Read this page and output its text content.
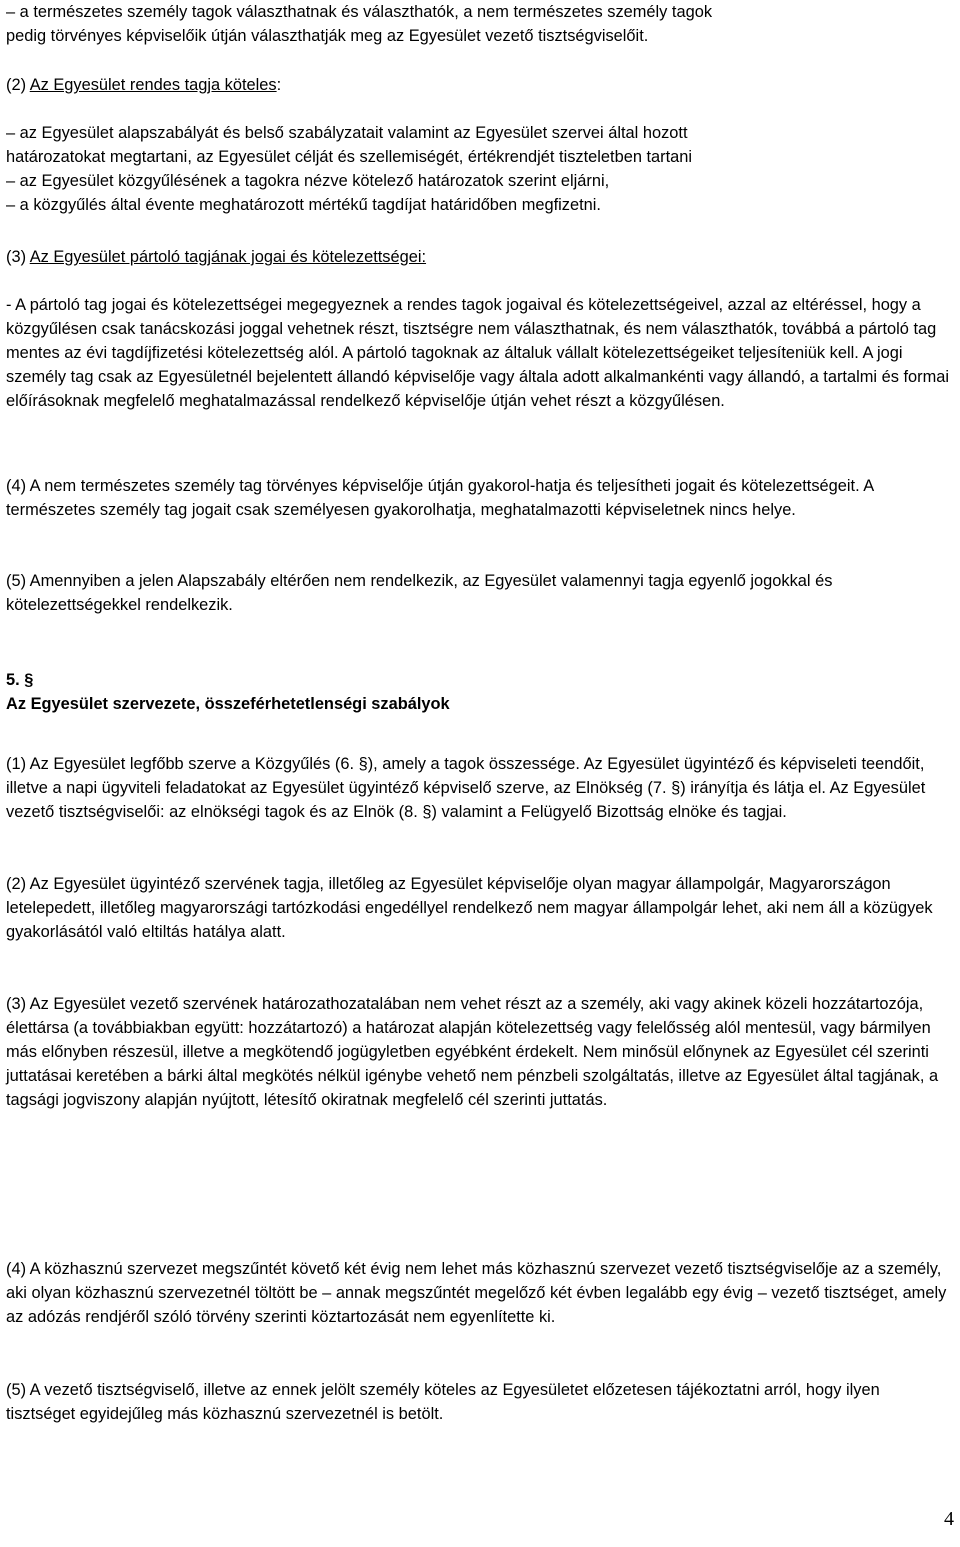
– a természetes személy tagok választhatnak és választhatók, a nem természetes személy tagok

pedig törvényes képviselőik útján választhatják meg az Egyesület vezető tisztségviselőit.

(2) Az Egyesület rendes tagja köteles:

– az Egyesület alapszabályát és belső szabályzatait valamint az Egyesület szervei által hozott

határozatokat megtartani, az Egyesület célját és szellemiségét, értékrendjét tiszteletben tartani

– az Egyesület közgyűlésének a tagokra nézve kötelező határozatok szerint eljárni,

– a közgyűlés által évente meghatározott mértékű tagdíjat határidőben megfizetni.

(3) Az Egyesület pártoló tagjának jogai és kötelezettségei:

- A pártoló tag jogai és kötelezettségei megegyeznek a rendes tagok jogaival és kötelezettségeivel, azzal az eltéréssel, hogy a közgyűlésen csak tanácskozási joggal vehetnek részt, tisztségre nem választhatnak, és nem választhatók, továbbá a pártoló tag mentes az évi tagdíjfizetési kötelezettség alól. A pártoló tagoknak az általuk vállalt kötelezettségeiket teljesíteniük kell. A jogi személy tag csak az Egyesületnél bejelentett állandó képviselője vagy általa adott alkalmankénti vagy állandó, a tartalmi és formai előírásoknak megfelelő meghatalmazással rendelkező képviselője útján vehet részt a közgyűlésen.

(4) A nem természetes személy tag törvényes képviselője útján gyakorol-hatja és teljesítheti jogait és kötelezettségeit. A természetes személy tag jogait csak személyesen gyakorolhatja, meghatalmazotti képviseletnek nincs helye.

(5) Amennyiben a jelen Alapszabály eltérően nem rendelkezik, az Egyesület valamennyi tagja egyenlő jogokkal és kötelezettségekkel rendelkezik.

5. §

Az Egyesület szervezete, összeférhetetlenségi szabályok

(1) Az Egyesület legfőbb szerve a Közgyűlés (6. §), amely a tagok összessége. Az Egyesület ügyintéző és képviseleti teendőit, illetve a napi ügyviteli feladatokat az Egyesület ügyintéző képviselő szerve, az Elnökség (7. §) irányítja és látja el. Az Egyesület vezető tisztségviselői: az elnökségi tagok és az Elnök (8. §) valamint a Felügyelő Bizottság elnöke és tagjai.

(2) Az Egyesület ügyintéző szervének tagja, illetőleg az Egyesület képviselője olyan magyar állampolgár, Magyarországon letelepedett, illetőleg magyarországi tartózkodási engedéllyel rendelkező nem magyar állampolgár lehet, aki nem áll a közügyek gyakorlásától való eltiltás hatálya alatt.

(3) Az Egyesület vezető szervének határozathozatalában nem vehet részt az a személy, aki vagy akinek közeli hozzátartozója, élettársa (a továbbiakban együtt: hozzátartozó) a határozat alapján kötelezettség vagy felelősség alól mentesül, vagy bármilyen más előnyben részesül, illetve a megkötendő jogügyletben egyébként érdekelt. Nem minősül előnynek az Egyesület cél szerinti juttatásai keretében a bárki által megkötés nélkül igénybe vehető nem pénzbeli szolgáltatás, illetve az Egyesület által tagjának, a tagsági jogviszony alapján nyújtott, létesítő okiratnak megfelelő cél szerinti juttatás.

(4) A közhasznú szervezet megszűntét követő két évig nem lehet más közhasznú szervezet vezető tisztségviselője az a személy, aki olyan közhasznú szervezetnél töltött be – annak megszűntét megelőző két évben legalább egy évig – vezető tisztséget, amely az adózás rendjéről szóló törvény szerinti köztartozását nem egyenlítette ki.

(5) A vezető tisztségviselő, illetve az ennek jelölt személy köteles az Egyesületet előzetesen tájékoztatni arról, hogy ilyen tisztséget egyidejűleg más közhasznú szervezetnél is betölt.

4
